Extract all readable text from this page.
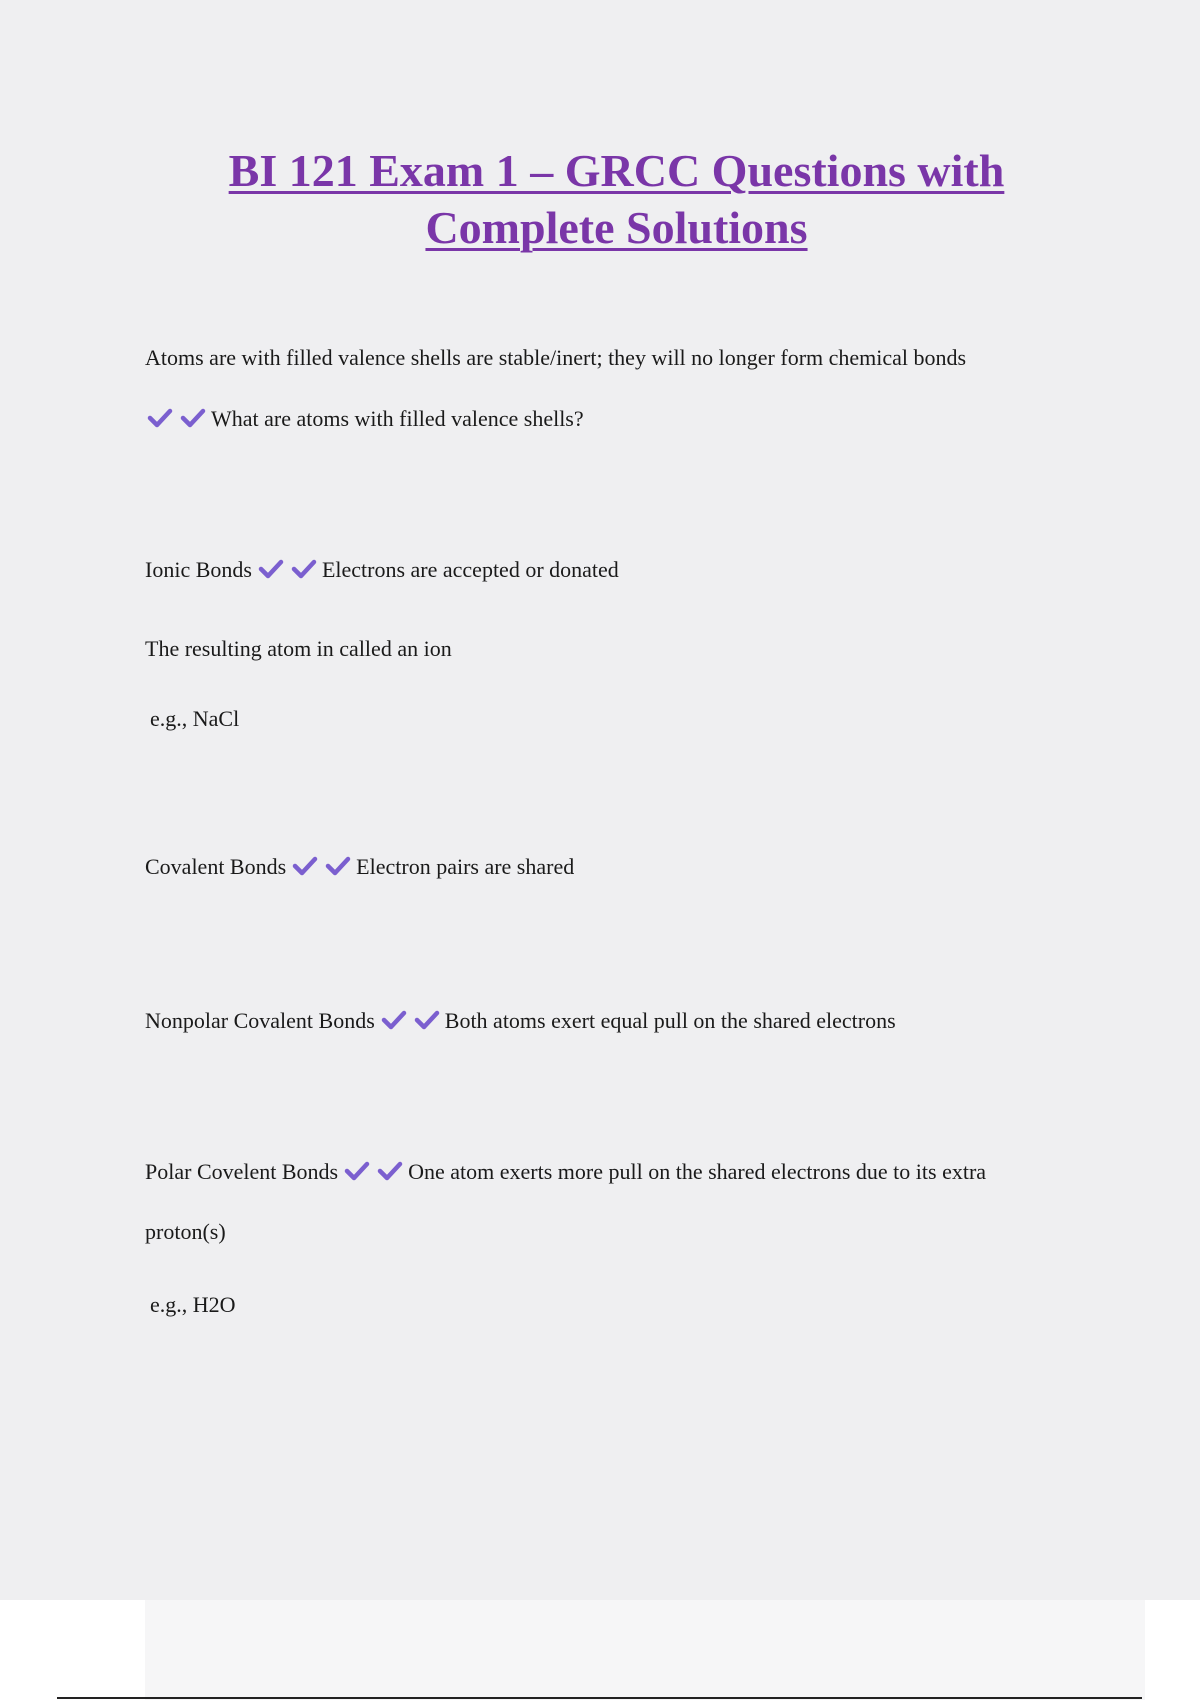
BI 121 Exam 1 – GRCC Questions with Complete Solutions
Atoms are with filled valence shells are stable/inert; they will no longer form chemical bonds
What are atoms with filled valence shells?
Ionic Bonds	Electrons are accepted or donated
The resulting atom in called an ion
e.g., NaCl
Covalent Bonds	Electron pairs are shared
Nonpolar Covalent Bonds	Both atoms exert equal pull on the shared electrons
Polar Covelent Bonds	One atom exerts more pull on the shared electrons due to its extra
proton(s)
e.g., H2O
